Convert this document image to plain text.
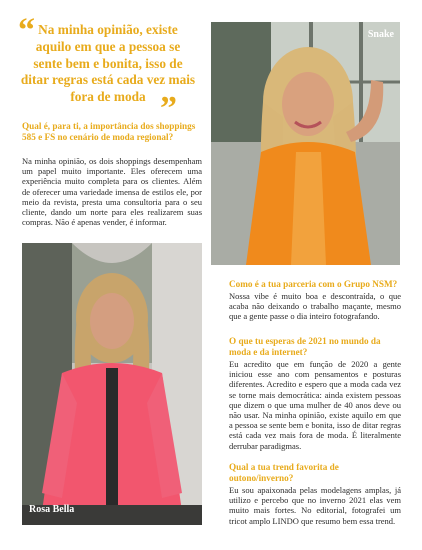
“ Na minha opinião, existe aquilo em que a pessoa se sente bem e bonita, isso de ditar regras está cada vez mais fora de moda ”
Snake
Qual é, para ti, a importância dos shoppings 585 e FS no cenário de moda regional?
Na minha opinião, os dois shoppings desempenham um papel muito importante. Eles oferecem uma experiência muito completa para os clientes. Além de oferecer uma variedade imensa de estilos ele, por meio da revista, presta uma consultoria para o seu cliente, dando um norte para eles realizarem suas compras. Não é apenas vender, é informar.
Rosa Bella
Como é a tua parceria com o Grupo NSM?
Nossa vibe é muito boa e descontraída, o que acaba não deixando o trabalho maçante, mesmo que a gente passe o dia inteiro fotografando.
O que tu esperas de 2021 no mundo da moda e da internet?
Eu acredito que em função de 2020 a gente iniciou esse ano com pensamentos e posturas diferentes. Acredito e espero que a moda cada vez se torne mais democrática: ainda existem pessoas que dizem o que uma mulher de 40 anos deve ou não usar. Na minha opinião, existe aquilo em que a pessoa se sente bem e bonita, isso de ditar regras está cada vez mais fora de moda. É literalmente derrubar paradigmas.
Qual a tua trend favorita de outono/inverno?
Eu sou apaixonada pelas modelagens amplas, já utilizo e percebo que no inverno 2021 elas vem muito mais fortes. No editorial, fotografei um tricot amplo LINDO que resumo bem essa trend.
